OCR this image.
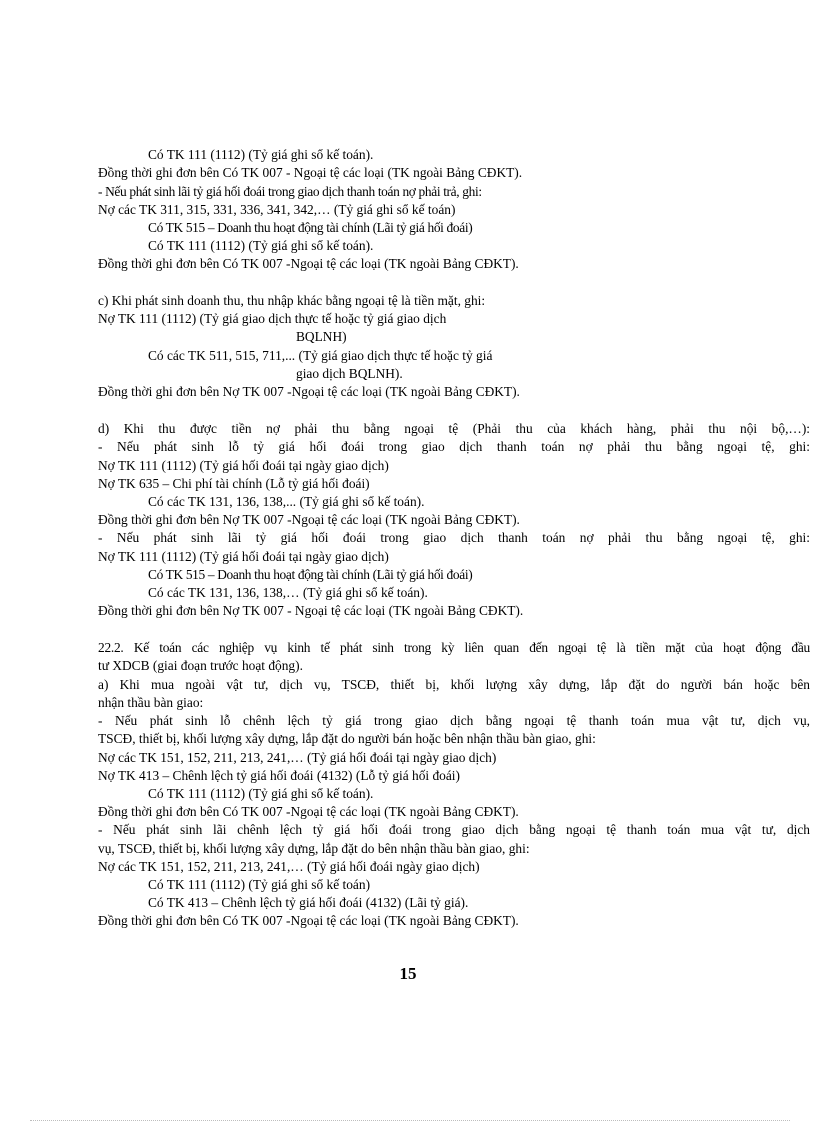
Có TK 111 (1112) (Tỷ giá ghi sổ kế toán).
Đồng thời ghi đơn bên Có TK 007 - Ngoại tệ các loại (TK ngoài Bảng CĐKT).
- Nếu phát sinh lãi tỷ giá hối đoái trong giao dịch thanh toán nợ phải trả, ghi:
Nợ các TK 311, 315, 331, 336, 341, 342,… (Tỷ giá ghi sổ kế toán)
Có TK 515 – Doanh thu hoạt động tài chính (Lãi tỷ giá hối đoái)
Có TK 111 (1112) (Tỷ giá ghi sổ kế toán).
Đồng thời ghi đơn bên Có TK 007 -Ngoại tệ các loại (TK ngoài Bảng CĐKT).
c) Khi phát sinh doanh thu, thu nhập khác bằng ngoại tệ là tiền mặt, ghi:
Nợ TK 111 (1112) (Tỷ giá giao dịch thực tế hoặc tỷ giá giao dịch
BQLNH)
Có các TK 511, 515, 711,... (Tỷ giá giao dịch thực tế hoặc tỷ giá
giao dịch BQLNH).
Đồng thời ghi đơn bên Nợ TK 007 -Ngoại tệ các loại (TK ngoài Bảng CĐKT).
d) Khi thu được tiền nợ phải thu bằng ngoại tệ (Phải thu của khách hàng, phải thu nội bộ,…):
- Nếu phát sinh lỗ tỷ giá hối đoái trong giao dịch thanh toán nợ phải thu bằng ngoại tệ, ghi:
Nợ TK 111 (1112) (Tỷ giá hối đoái tại ngày giao dịch)
Nợ TK 635 – Chi phí tài chính (Lỗ tỷ giá hối đoái)
Có các TK 131, 136, 138,... (Tỷ giá ghi sổ kế toán).
Đồng thời ghi đơn bên Nợ TK 007 -Ngoại tệ các loại (TK ngoài Bảng CĐKT).
- Nếu phát sinh lãi tỷ giá hối đoái trong giao dịch thanh toán nợ phải thu bằng ngoại tệ, ghi:
Nợ TK 111 (1112) (Tỷ giá hối đoái tại ngày giao dịch)
Có TK 515 – Doanh thu hoạt động tài chính (Lãi tỷ giá hối đoái)
Có các TK 131, 136, 138,… (Tỷ giá ghi sổ kế toán).
Đồng thời ghi đơn bên Nợ TK 007 - Ngoại tệ các loại (TK ngoài Bảng CĐKT).
22.2. Kế toán các nghiệp vụ kinh tế phát sinh trong kỳ liên quan đến ngoại tệ là tiền mặt của hoạt động đầu
tư XDCB (giai đoạn trước hoạt động).
a) Khi mua ngoài vật tư, dịch vụ, TSCĐ, thiết bị, khối lượng xây dựng, lắp đặt do người bán hoặc bên
nhận thầu bàn giao:
- Nếu phát sinh lỗ chênh lệch tỷ giá trong giao dịch bằng ngoại tệ thanh toán mua vật tư, dịch vụ,
TSCĐ, thiết bị, khối lượng xây dựng, lắp đặt do người bán hoặc bên nhận thầu bàn giao, ghi:
Nợ các TK 151, 152, 211, 213, 241,… (Tỷ giá hối đoái tại ngày giao dịch)
Nợ TK 413 – Chênh lệch tỷ giá hối đoái (4132) (Lỗ tỷ giá hối đoái)
Có TK 111 (1112) (Tỷ giá ghi sổ kế toán).
Đồng thời ghi đơn bên Có TK 007 -Ngoại tệ các loại (TK ngoài Bảng CĐKT).
- Nếu phát sinh lãi chênh lệch tỷ giá hối đoái trong giao dịch bằng ngoại tệ thanh toán mua vật tư, dịch
vụ, TSCĐ, thiết bị, khối lượng xây dựng, lắp đặt do bên nhận thầu bàn giao, ghi:
Nợ các TK 151, 152, 211, 213, 241,… (Tỷ giá hối đoái ngày giao dịch)
Có TK 111 (1112) (Tỷ giá ghi sổ kế toán)
Có TK 413 – Chênh lệch tỷ giá hối đoái (4132) (Lãi tỷ giá).
Đồng thời ghi đơn bên Có TK 007 -Ngoại tệ các loại (TK ngoài Bảng CĐKT).
15
